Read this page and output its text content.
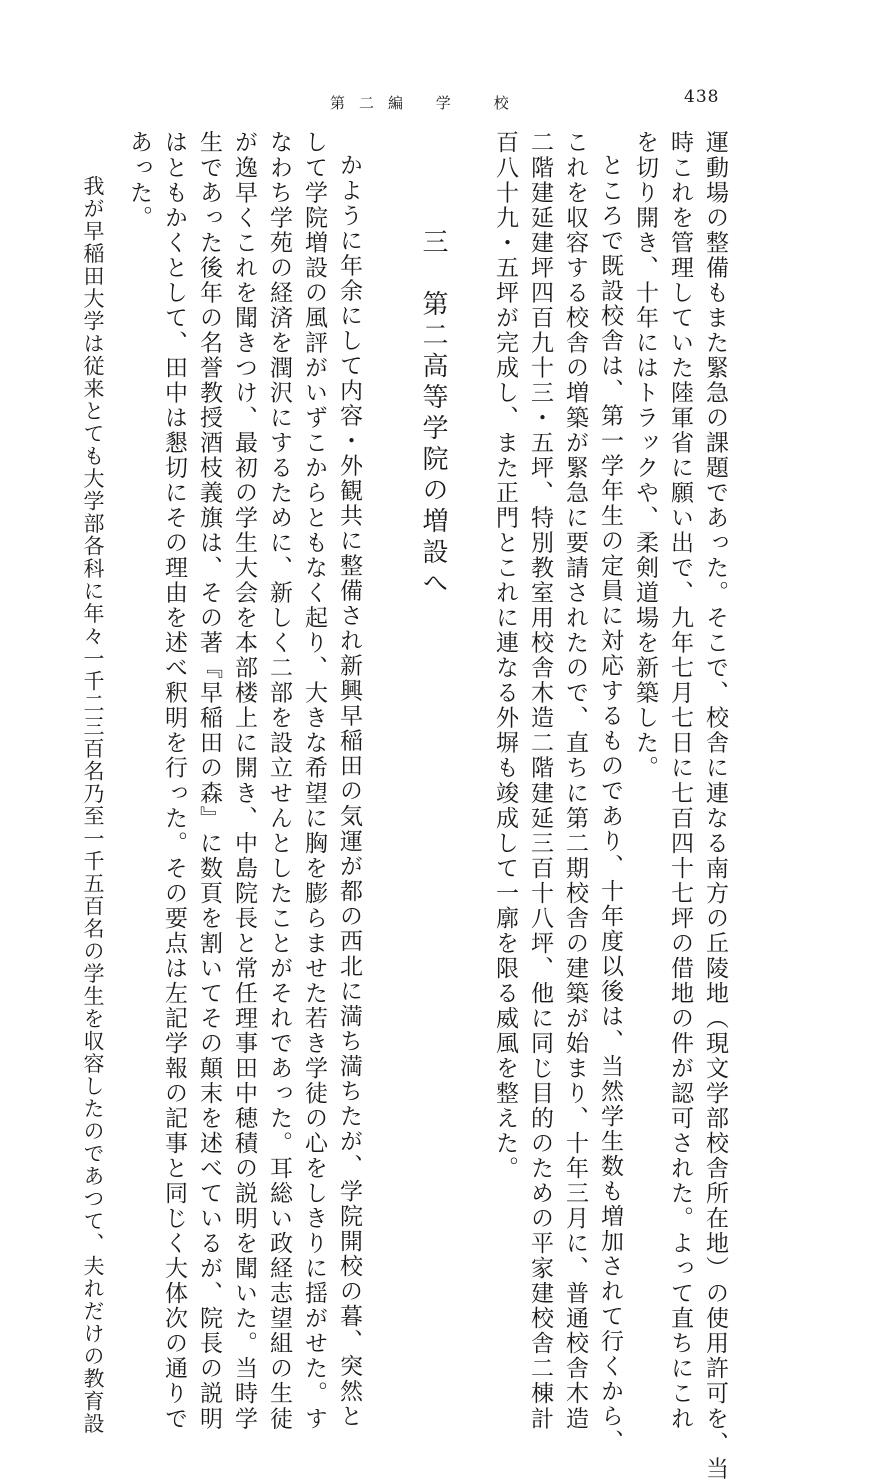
第二編 学　校	438
運動場の整備もまた緊急の課題であった。そこで、校舎に連なる南方の丘陵地（現文学部校舎所在地）の使用許可を、当
時これを管理していた陸軍省に願い出で、九年七月七日に七百四十七坪の借地の件が認可された。よって直ちにこれ
を切り開き、十年にはトラックや、柔剣道場を新築した。
ところで既設校舎は、第一学年生の定員に対応するものであり、十年度以後は、当然学生数も増加されて行くから、
これを収容する校舎の増築が緊急に要請されたので、直ちに第二期校舎の建築が始まり、十年三月に、普通校舎木造
二階建延建坪四百九十三・五坪、特別教室用校舎木造二階建延三百十八坪、他に同じ目的のための平家建校舎二棟計
百八十九・五坪が完成し、また正門とこれに連なる外塀も竣成して一廓を限る威風を整えた。
三　第二高等学院の増設へ
かように年余にして内容・外観共に整備され新興早稲田の気運が都の西北に満ち満ちたが、学院開校の暮、突然と
して学院増設の風評がいずこからともなく起り、大きな希望に胸を膨らませた若き学徒の心をしきりに揺がせた。す
なわち学苑の経済を潤沢にするために、新しく二部を設立せんとしたことがそれであった。耳総い政経志望組の生徒
が逸早くこれを聞きつけ、最初の学生大会を本部楼上に開き、中島院長と常任理事田中穂積の説明を聞いた。当時学
生であった後年の名誉教授酒枝義旗は、その著『早稲田の森』に数頁を割いてその顛末を述べているが、院長の説明
はともかくとして、田中は懇切にその理由を述べ釈明を行った。その要点は左記学報の記事と同じく大体次の通りで
あった。
我が早稲田大学は従来とても大学部各科に年々一千二三百名乃至一千五百名の学生を収容したのであつて、夫れだけの教育設
